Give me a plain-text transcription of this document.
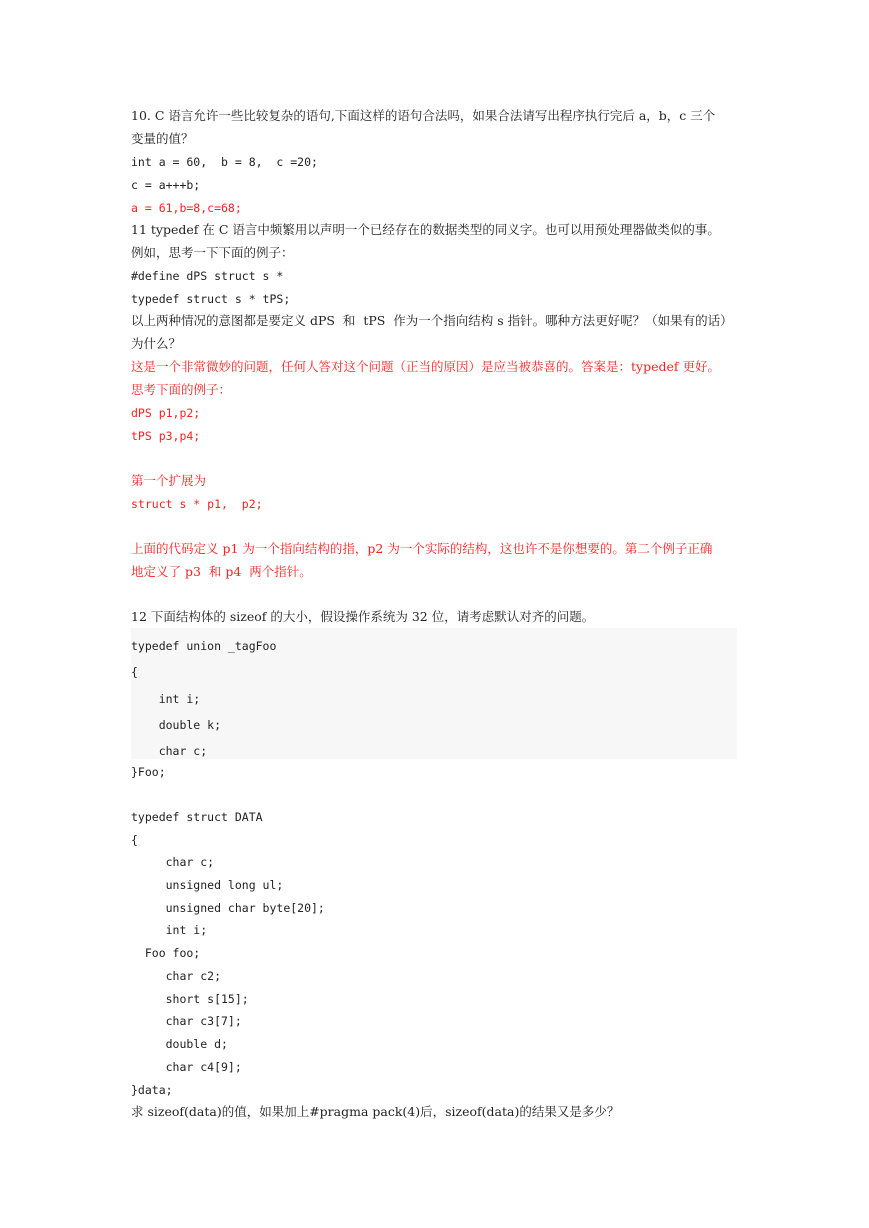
10. C 语言允许一些比较复杂的语句,下面这样的语句合法吗，如果合法请写出程序执行完后 a，b，c 三个
变量的值？
int a = 60,  b = 8,  c =20;
c = a+++b;
a = 61,b=8,c=68;
11 typedef 在 C 语言中频繁用以声明一个已经存在的数据类型的同义字。也可以用预处理器做类似的事。
例如，思考一下下面的例子：
#define dPS struct s *
typedef struct s * tPS;
以上两种情况的意图都是要定义 dPS  和  tPS  作为一个指向结构 s 指针。哪种方法更好呢？（如果有的话）
为什么？
这是一个非常微妙的问题，任何人答对这个问题（正当的原因）是应当被恭喜的。答案是：typedef 更好。
思考下面的例子：
dPS p1,p2;
tPS p3,p4;
第一个扩展为
struct s * p1,  p2;
上面的代码定义 p1 为一个指向结构的指，p2 为一个实际的结构，这也许不是你想要的。第二个例子正确
地定义了 p3  和 p4  两个指针。
12 下面结构体的 sizeof 的大小，假设操作系统为 32 位，请考虑默认对齐的问题。
typedef union _tagFoo
{
int i;
double k;
char c;
}Foo;
typedef struct DATA
{
char c;
unsigned long ul;
unsigned char byte[20];
int i;
Foo foo;
char c2;
short s[15];
char c3[7];
double d;
char c4[9];
}data;
求 sizeof(data)的值，如果加上#pragma pack(4)后，sizeof(data)的结果又是多少？
